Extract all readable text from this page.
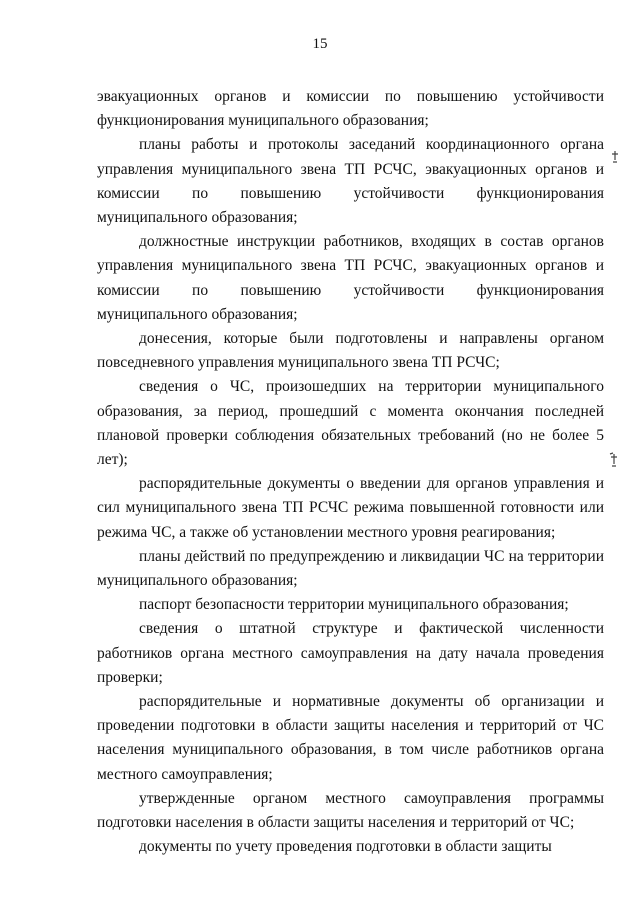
15

эвакуационных органов и комиссии по повышению устойчивости функционирования муниципального образования;

планы работы и протоколы заседаний координационного органа управления муниципального звена ТП РСЧС, эвакуационных органов и комиссии по повышению устойчивости функционирования муниципального образования;

должностные инструкции работников, входящих в состав органов управления муниципального звена ТП РСЧС, эвакуационных органов и комиссии по повышению устойчивости функционирования муниципального образования;

донесения, которые были подготовлены и направлены органом повседневного управления муниципального звена ТП РСЧС;

сведения о ЧС, произошедших на территории муниципального образования, за период, прошедший с момента окончания последней плановой проверки соблюдения обязательных требований (но не более 5 лет);

распорядительные документы о введении для органов управления и сил муниципального звена ТП РСЧС режима повышенной готовности или режима ЧС, а также об установлении местного уровня реагирования;

планы действий по предупреждению и ликвидации ЧС на территории муниципального образования;

паспорт безопасности территории муниципального образования;

сведения о штатной структуре и фактической численности работников органа местного самоуправления на дату начала проведения проверки;

распорядительные и нормативные документы об организации и проведении подготовки в области защиты населения и территорий от ЧС населения муниципального образования, в том числе работников органа местного самоуправления;

утвержденные органом местного самоуправления программы подготовки населения в области защиты населения и территорий от ЧС;

документы по учету проведения подготовки в области защиты
